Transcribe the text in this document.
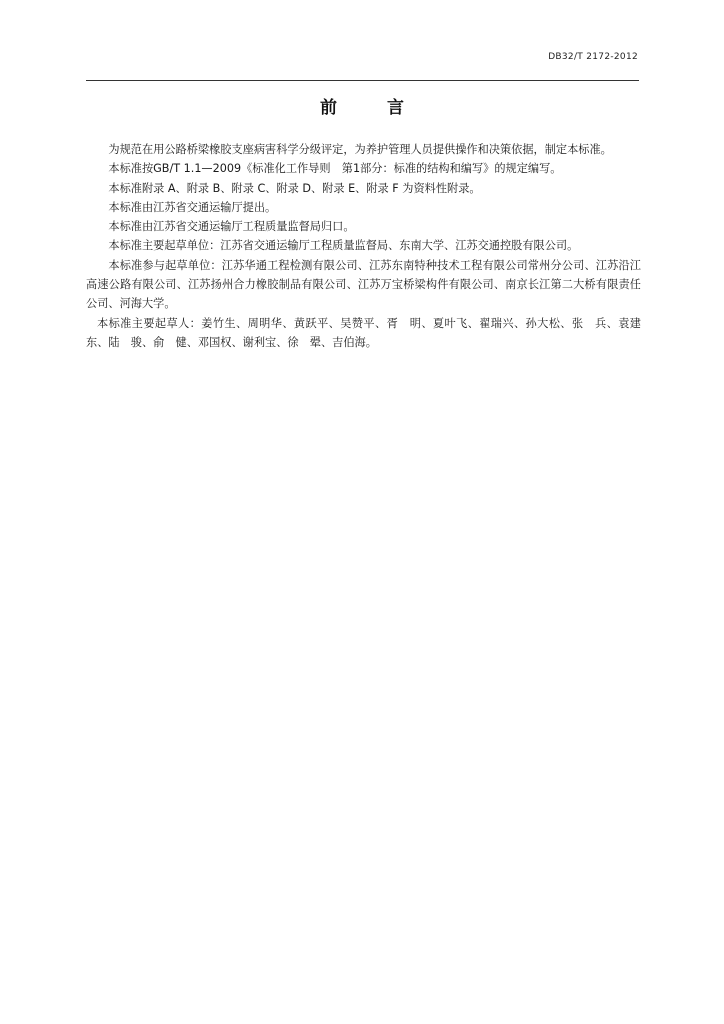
DB32/T 2172-2012
前 言

为规范在用公路桥梁橡胶支座病害科学分级评定，为养护管理人员提供操作和决策依据，制定本标准。

本标准按GB/T 1.1—2009《标准化工作导则　第1部分：标准的结构和编写》的规定编写。

本标准附录 A、附录 B、附录 C、附录 D、附录 E、附录 F 为资料性附录。

本标准由江苏省交通运输厅提出。

本标准由江苏省交通运输厅工程质量监督局归口。

本标准主要起草单位：江苏省交通运输厅工程质量监督局、东南大学、江苏交通控股有限公司。

本标准参与起草单位：江苏华通工程检测有限公司、江苏东南特种技术工程有限公司常州分公司、江苏沿江高速公路有限公司、江苏扬州合力橡胶制品有限公司、江苏万宝桥梁构件有限公司、南京长江第二大桥有限责任公司、河海大学。

本标准主要起草人：姜竹生、周明华、黄跃平、吴赞平、胥　明、夏叶飞、翟瑞兴、孙大松、张　兵、袁建东、陆　骏、俞　健、邓国权、谢利宝、徐　翚、吉伯海。
